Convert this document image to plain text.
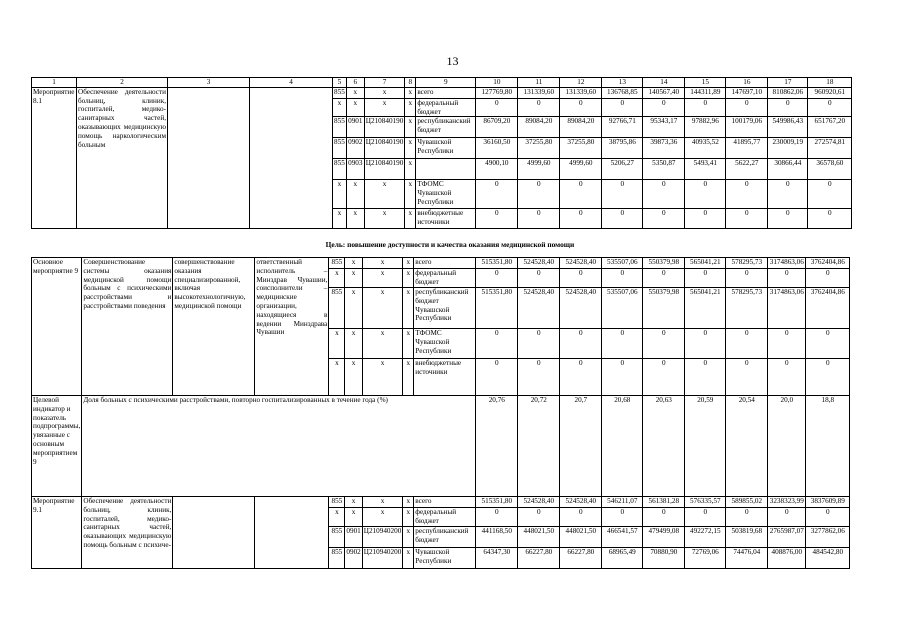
13
1	2	3	4	5	6	7	8	9	10	11	12	13	14	15	16	17	18
Мероприятие 8.1	Обеспечение деятельности больниц, клиник, госпиталей, медико-санитарных частей, оказывающих медицинскую помощь наркологическим больным			855	x	x	x	всего	127769,80	131339,60	131339,60	136768,85	140567,40	144311,89	147697,10	810862,06	960920,61
				x	x	x	x	федеральный бюджет	0	0	0	0	0	0	0	0	0
				855	0901	Ц210840190	x	республиканский бюджет	86709,20	89084,20	89084,20	92766,71	95343,17	97882,96	100179,06	549986,43	651767,20
				855	0902	Ц210840190	x	Чувашской Республики	36160,50	37255,80	37255,80	38795,86	39873,36	40935,52	41895,77	230009,19	272574,81
				855	0903	Ц210840190	x		4900,10	4999,60	4999,60	5206,27	5350,87	5493,41	5622,27	30866,44	36578,60
				x	x	x	x	ТФОМС Чувашской Республики	0	0	0	0	0	0	0	0	0
				x	x	x	x	внебюджетные источники	0	0	0	0	0	0	0	0	0
Цель: повышение доступности и качества оказания медицинской помощи
Основное мероприятие 9	Совершенствование системы оказания медицинской помощи больным с психическими расстройствами и расстройствами поведения	совершенствование оказания специализированной, включая высокотехнологичную, медицинской помощи	ответственный исполнитель – Минздрав Чувашии, соисполнители – медицинские организации, находящиеся в ведении Минздрава Чувашии	855	x	x	x	всего	515351,80	524528,40	524528,40	535507,06	550379,98	565041,21	578295,73	3174863,06	3762404,86
				x	x	x	x	федеральный бюджет	0	0	0	0	0	0	0	0	0
				855	x	x	x	республиканский бюджет Чувашской Республики	515351,80	524528,40	524528,40	535507,06	550379,98	565041,21	578295,73	3174863,06	3762404,86
				x	x	x	x	ТФОМС Чувашской Республики	0	0	0	0	0	0	0	0	0
				x	x	x	x	внебюджетные источники	0	0	0	0	0	0	0	0	0
Целевой индикатор и показатель подпрограммы, увязанные с основным мероприятием 9	Доля больных с психическими расстройствами, повторно госпитализированных в течение года (%)								20,76	20,72	20,7	20,68	20,63	20,59	20,54	20,0	18,8
Мероприятие 9.1	Обеспечение деятельности больниц, клиник, госпиталей, медико-санитарных частей, оказывающих медицинскую помощь больным с психиче-			855	x	x	x	всего	515351,80	524528,40	524528,40	546211,07	561381,28	576335,57	589855,02	3238323,99	3837609,89
				x	x	x	x	федеральный бюджет	0	0	0	0	0	0	0	0	0
				855	0901	Ц210940200	x	республиканский бюджет	441168,50	448021,50	448021,50	466541,57	479499,08	492272,15	503819,68	2765987,07	3277862,06
				855	0902	Ц210940200	x	Чувашской Республики	64347,30	66227,80	66227,80	68965,49	70880,90	72769,06	74476,04	408876,00	484542,80
